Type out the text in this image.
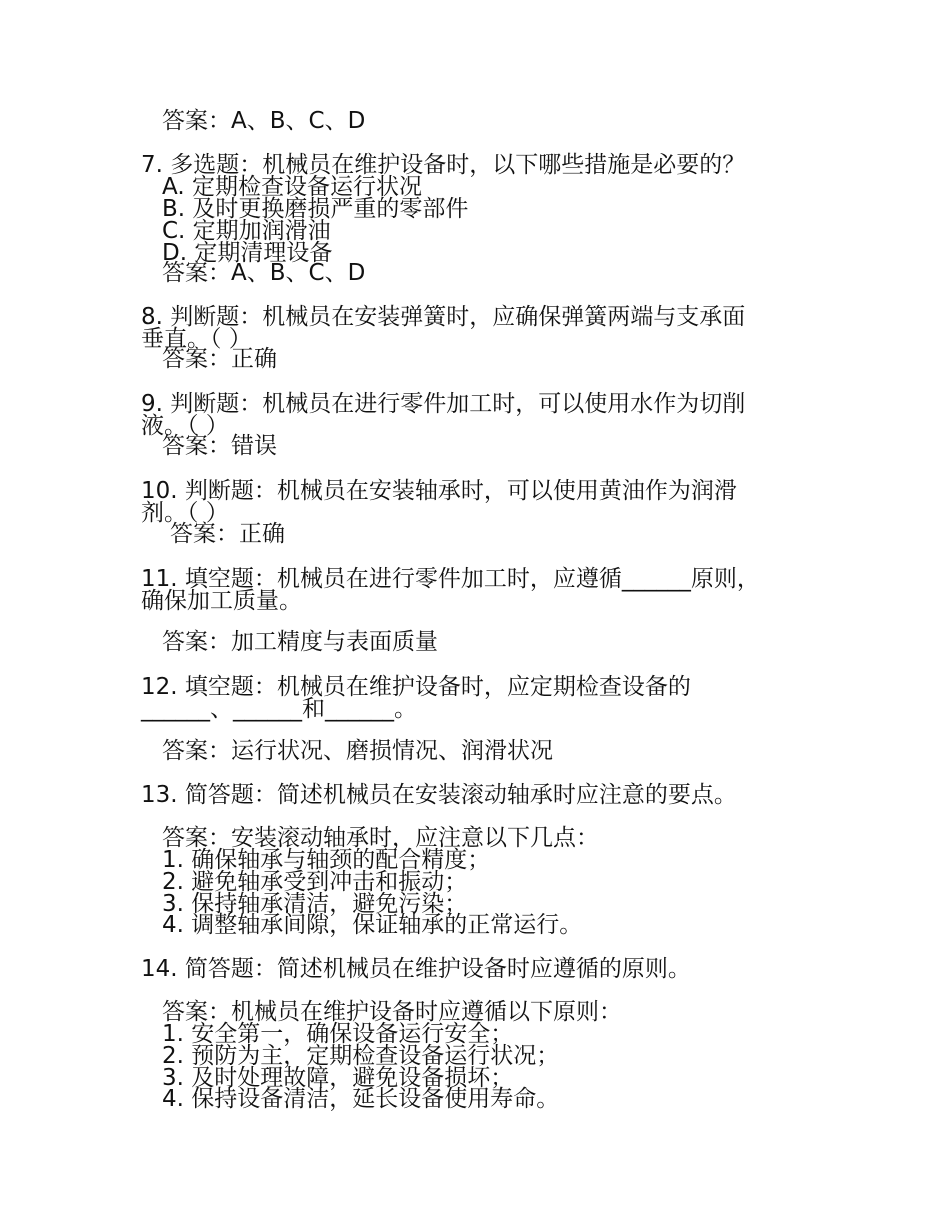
答案：A、B、C、D
7. 多选题：机械员在维护设备时，以下哪些措施是必要的？
A. 定期检查设备运行状况
B. 及时更换磨损严重的零部件
C. 定期加润滑油
D. 定期清理设备
答案：A、B、C、D
8. 判断题：机械员在安装弹簧时，应确保弹簧两端与支承面
垂直。（ ）
答案：正确
9. 判断题：机械员在进行零件加工时，可以使用水作为切削
液。（ ）
答案：错误
10. 判断题：机械员在安装轴承时，可以使用黄油作为润滑
剂。（ ）
答案：正确
11. 填空题：机械员在进行零件加工时，应遵循______原则，
确保加工质量。
答案：加工精度与表面质量
12. 填空题：机械员在维护设备时，应定期检查设备的
______、______和______。
答案：运行状况、磨损情况、润滑状况
13. 简答题：简述机械员在安装滚动轴承时应注意的要点。
答案：安装滚动轴承时，应注意以下几点：
1. 确保轴承与轴颈的配合精度；
2. 避免轴承受到冲击和振动；
3. 保持轴承清洁，避免污染；
4. 调整轴承间隙，保证轴承的正常运行。
14. 简答题：简述机械员在维护设备时应遵循的原则。
答案：机械员在维护设备时应遵循以下原则：
1. 安全第一，确保设备运行安全；
2. 预防为主，定期检查设备运行状况；
3. 及时处理故障，避免设备损坏；
4. 保持设备清洁，延长设备使用寿命。
